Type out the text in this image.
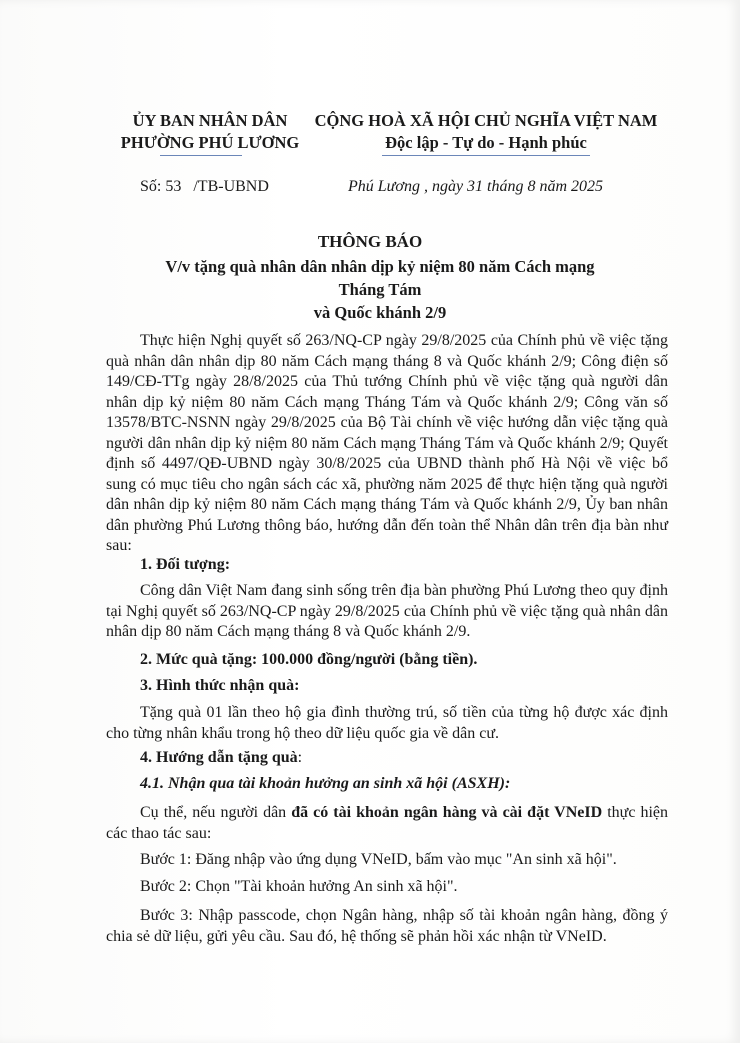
ỦY BAN NHÂN DÂN
PHƯỜNG PHÚ LƯƠNG
CỘNG HOÀ XÃ HỘI CHỦ NGHĨA VIỆT NAM
Độc lập - Tự do - Hạnh phúc
Số: 53   /TB-UBND	Phú Lương , ngày 31 tháng 8 năm 2025
THÔNG BÁO
V/v tặng quà nhân dân nhân dịp kỷ niệm 80 năm Cách mạng Tháng Tám
và Quốc khánh 2/9

Thực hiện Nghị quyết số 263/NQ-CP ngày 29/8/2025 của Chính phủ về việc tặng quà nhân dân nhân dịp 80 năm Cách mạng tháng 8 và Quốc khánh 2/9; Công điện số 149/CĐ-TTg ngày 28/8/2025 của Thủ tướng Chính phủ về việc tặng quà người dân nhân dịp kỷ niệm 80 năm Cách mạng Tháng Tám và Quốc khánh 2/9; Công văn số 13578/BTC-NSNN ngày 29/8/2025 của Bộ Tài chính về việc hướng dẫn việc tặng quà người dân nhân dịp kỷ niệm 80 năm Cách mạng Tháng Tám và Quốc khánh 2/9; Quyết định số 4497/QĐ-UBND ngày 30/8/2025 của UBND thành phố Hà Nội về việc bổ sung có mục tiêu cho ngân sách các xã, phường năm 2025 để thực hiện tặng quà người dân nhân dịp kỷ niệm 80 năm Cách mạng tháng Tám và Quốc khánh 2/9, Ủy ban nhân dân phường Phú Lương thông báo, hướng dẫn đến toàn thể Nhân dân trên địa bàn như sau:

1. Đối tượng:

Công dân Việt Nam đang sinh sống trên địa bàn phường Phú Lương theo quy định tại Nghị quyết số 263/NQ-CP ngày 29/8/2025 của Chính phủ về việc tặng quà nhân dân nhân dịp 80 năm Cách mạng tháng 8 và Quốc khánh 2/9.

2. Mức quà tặng: 100.000 đồng/người (bằng tiền).

3. Hình thức nhận quà:

Tặng quà 01 lần theo hộ gia đình thường trú, số tiền của từng hộ được xác định cho từng nhân khẩu trong hộ theo dữ liệu quốc gia về dân cư.

4. Hướng dẫn tặng quà:

4.1. Nhận qua tài khoản hưởng an sinh xã hội (ASXH):

Cụ thể, nếu người dân đã có tài khoản ngân hàng và cài đặt VNeID thực hiện các thao tác sau:

Bước 1: Đăng nhập vào ứng dụng VNeID, bấm vào mục "An sinh xã hội".

Bước 2: Chọn "Tài khoản hưởng An sinh xã hội".

Bước 3: Nhập passcode, chọn Ngân hàng, nhập số tài khoản ngân hàng, đồng ý chia sẻ dữ liệu, gửi yêu cầu. Sau đó, hệ thống sẽ phản hồi xác nhận từ VNeID.
